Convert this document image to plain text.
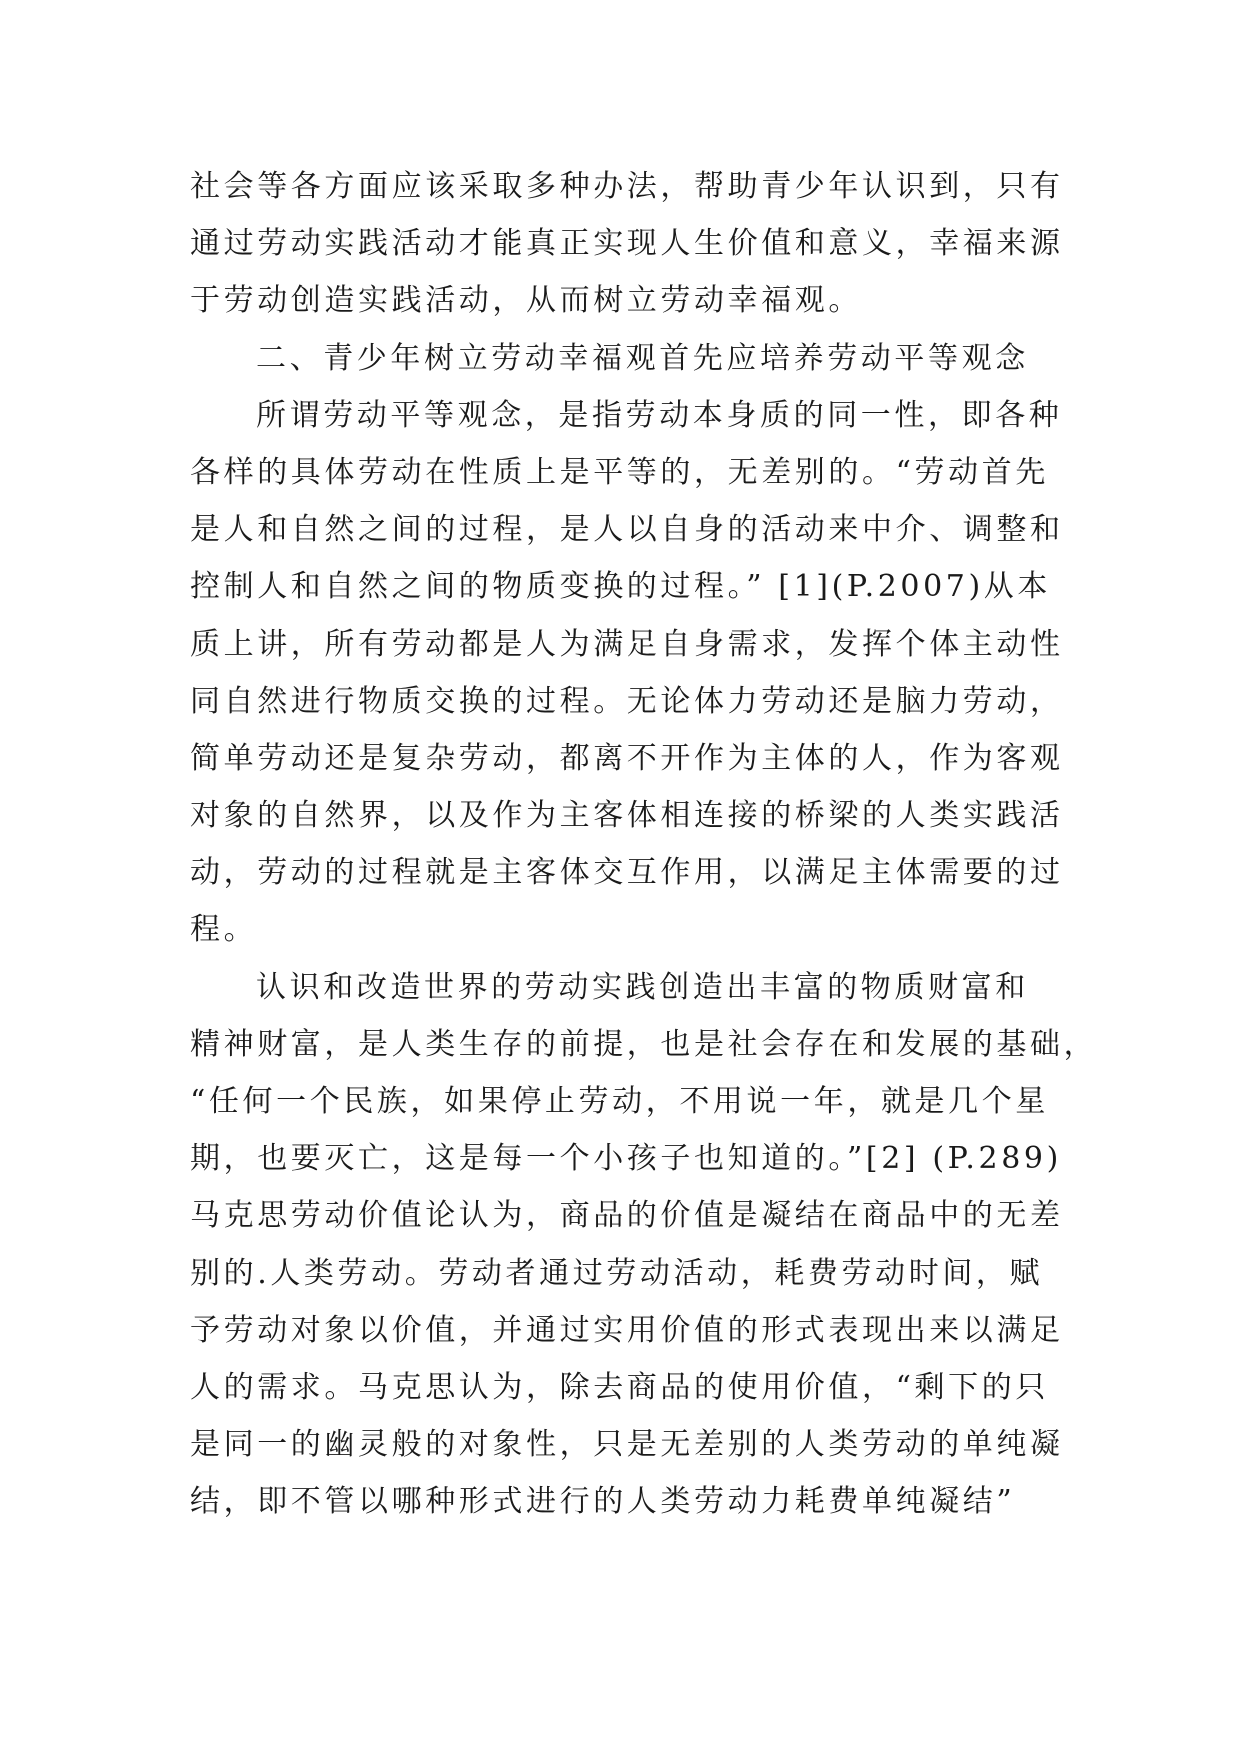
社会等各方面应该采取多种办法，帮助青少年认识到，只有
通过劳动实践活动才能真正实现人生价值和意义，幸福来源
于劳动创造实践活动，从而树立劳动幸福观。
二、青少年树立劳动幸福观首先应培养劳动平等观念
所谓劳动平等观念，是指劳动本身质的同一性，即各种
各样的具体劳动在性质上是平等的，无差别的。“劳动首先
是人和自然之间的过程，是人以自身的活动来中介、调整和
控制人和自然之间的物质变换的过程。” [1](P.2007)从本
质上讲，所有劳动都是人为满足自身需求，发挥个体主动性
同自然进行物质交换的过程。无论体力劳动还是脑力劳动，
简单劳动还是复杂劳动，都离不开作为主体的人，作为客观
对象的自然界，以及作为主客体相连接的桥梁的人类实践活
动，劳动的过程就是主客体交互作用，以满足主体需要的过
程。
认识和改造世界的劳动实践创造出丰富的物质财富和
精神财富，是人类生存的前提，也是社会存在和发展的基础，
“任何一个民族，如果停止劳动，不用说一年，就是几个星
期，也要灭亡，这是每一个小孩子也知道的。”[2] (P.289)
马克思劳动价值论认为，商品的价值是凝结在商品中的无差
别的.人类劳动。劳动者通过劳动活动，耗费劳动时间，赋
予劳动对象以价值，并通过实用价值的形式表现出来以满足
人的需求。马克思认为，除去商品的使用价值，“剩下的只
是同一的幽灵般的对象性，只是无差别的人类劳动的单纯凝
结，即不管以哪种形式进行的人类劳动力耗费单纯凝结”
